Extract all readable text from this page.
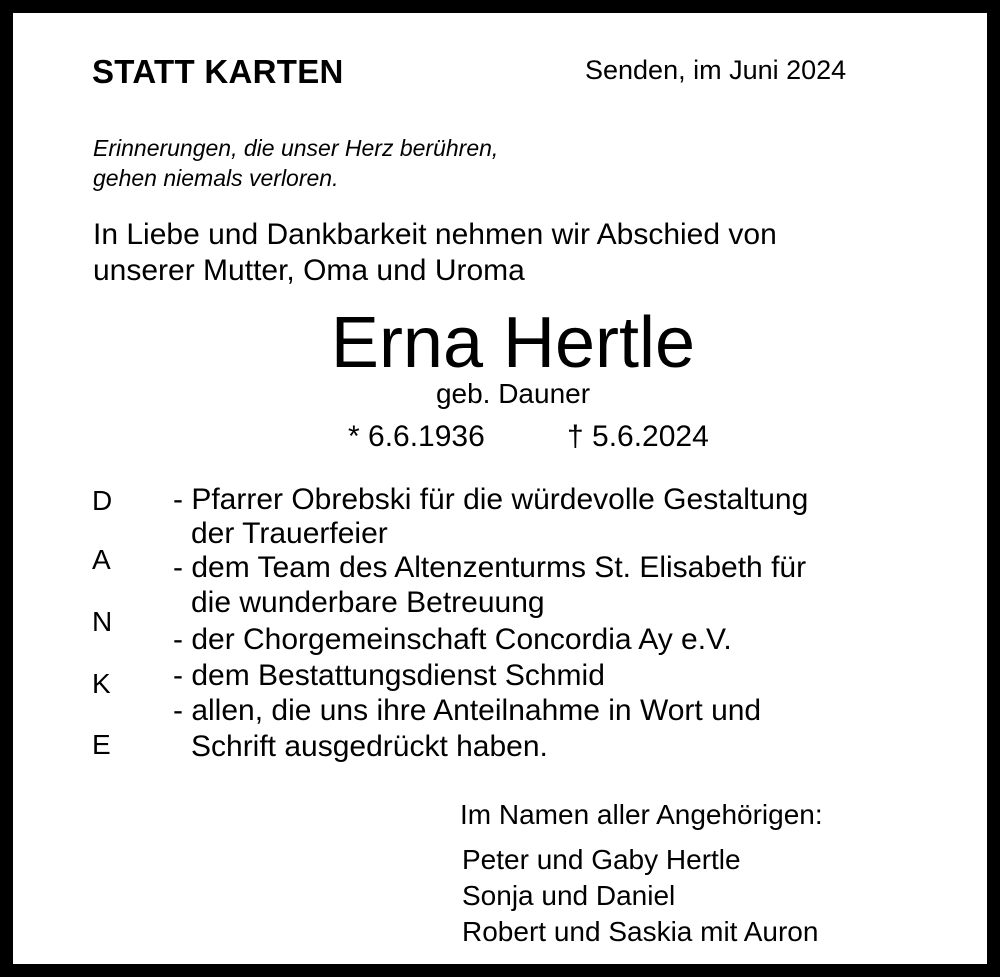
STATT KARTEN	Senden, im Juni 2024
Erinnerungen, die unser Herz berühren,
gehen niemals verloren.
In Liebe und Dankbarkeit nehmen wir Abschied von
unserer Mutter, Oma und Uroma
Erna Hertle
geb. Dauner
* 6.6.1936	† 5.6.2024
D
A
N
K
E
- Pfarrer Obrebski für die würdevolle Gestaltung
der Trauerfeier
- dem Team des Altenzenturms St. Elisabeth für
die wunderbare Betreuung
- der Chorgemeinschaft Concordia Ay e.V.
- dem Bestattungsdienst Schmid
- allen, die uns ihre Anteilnahme in Wort und
Schrift ausgedrückt haben.
Im Namen aller Angehörigen:
Peter und Gaby Hertle
Sonja und Daniel
Robert und Saskia mit Auron
